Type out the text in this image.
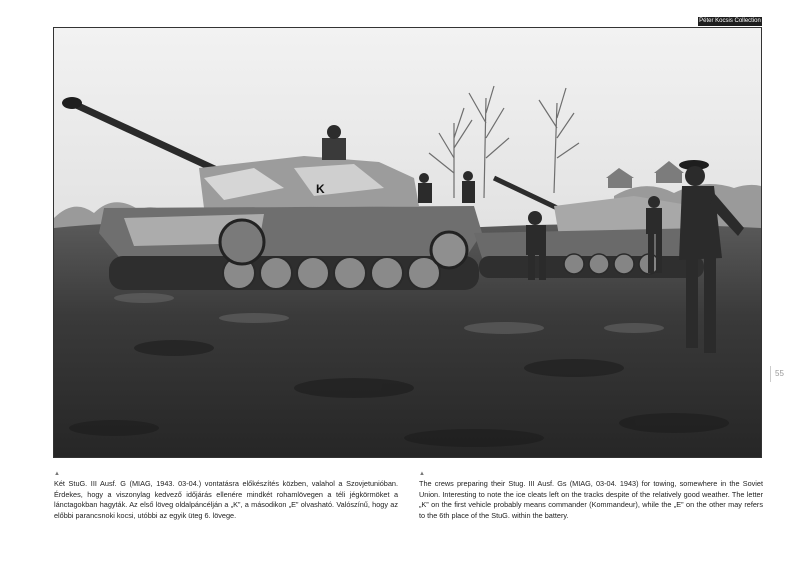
Péter Kocsis Collection
K
55
▲
Két StuG. III Ausf. G (MIAG, 1943. 03-04.) vontatásra előkészítés közben, valahol a Szovjetunióban. Érdekes, hogy a viszonylag kedvező időjárás ellenére mindkét rohamlövegen a téli jégkörmöket a lánctagokban hagyták. Az első löveg oldalpáncélján a „K”, a másodikon „E” olvasható. Valószínű, hogy az előbbi parancsnoki kocsi, utóbbi az egyik üteg 6. lövege.
▲
The crews preparing their Stug. III Ausf. Gs (MIAG, 03-04. 1943) for towing, somewhere in the Soviet Union. Interesting to note the ice cleats left on the tracks despite of the relatively good weather. The letter „K” on the first vehicle probably means commander (Kommandeur), while the „E” on the other may refers to the 6th place of the StuG. within the battery.
